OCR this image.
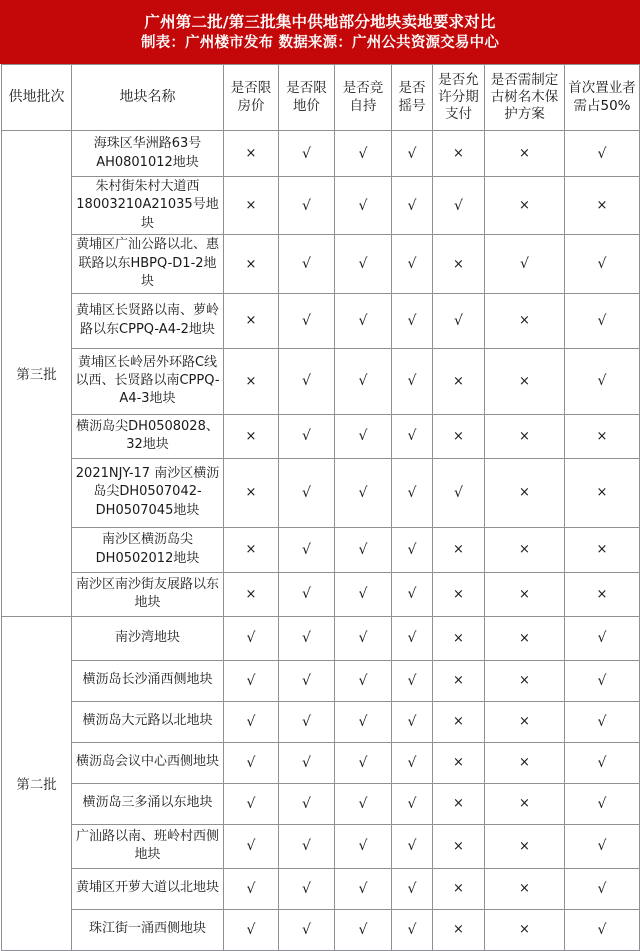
广州第二批/第三批集中供地部分地块卖地要求对比
制表：广州楼市发布 数据来源：广州公共资源交易中心
供地批次	地块名称	是否限房价	是否限地价	是否竞自持	是否摇号	是否允许分期支付	是否需制定古树名木保护方案	首次置业者需占50%
第三批	海珠区华洲路63号AH0801012地块	×	√	√	√	×	×	√
	朱村街朱村大道西18003210A21035号地块	×	√	√	√	√	×	×
	黄埔区广汕公路以北、惠联路以东HBPQ-D1-2地块	×	√	√	√	×	√	√
	黄埔区长贤路以南、萝岭路以东CPPQ-A4-2地块	×	√	√	√	√	×	√
	黄埔区长岭居外环路C线以西、长贤路以南CPPQ-A4-3地块	×	√	√	√	×	×	√
	横沥岛尖DH0508028、32地块	×	√	√	√	×	×	×
	2021NJY-17 南沙区横沥岛尖DH0507042-DH0507045地块	×	√	√	√	√	×	×
	南沙区横沥岛尖DH0502012地块	×	√	√	√	×	×	×
	南沙区南沙街友展路以东地块	×	√	√	√	×	×	×
第二批	南沙湾地块	√	√	√	√	×	×	√
	横沥岛长沙涌西侧地块	√	√	√	√	×	×	√
	横沥岛大元路以北地块	√	√	√	√	×	×	√
	横沥岛会议中心西侧地块	√	√	√	√	×	×	√
	横沥岛三多涌以东地块	√	√	√	√	×	×	√
	广汕路以南、班岭村西侧地块	√	√	√	√	×	×	√
	黄埔区开萝大道以北地块	√	√	√	√	×	×	√
	珠江街一涌西侧地块	√	√	√	√	×	×	√
